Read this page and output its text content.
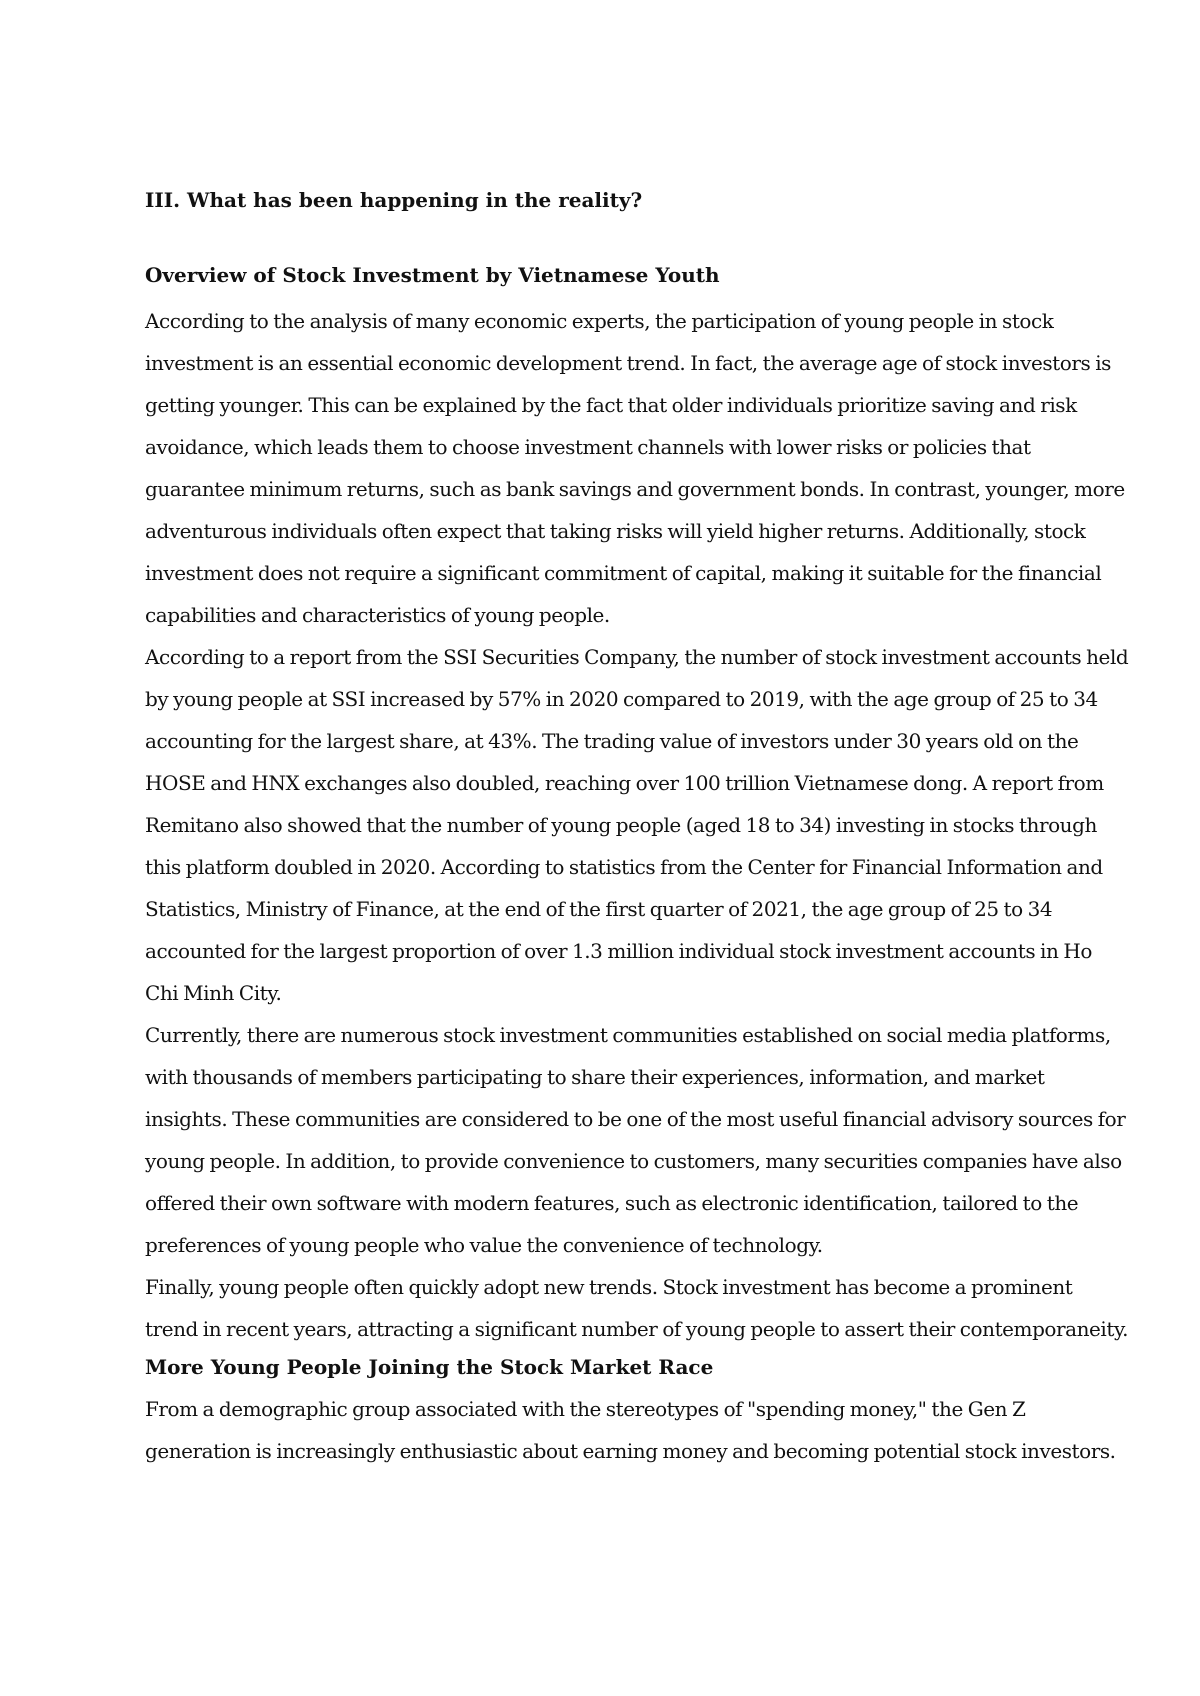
III. What has been happening in the reality?
Overview of Stock Investment by Vietnamese Youth

According to the analysis of many economic experts, the participation of young people in stock investment is an essential economic development trend. In fact, the average age of stock investors is getting younger. This can be explained by the fact that older individuals prioritize saving and risk avoidance, which leads them to choose investment channels with lower risks or policies that guarantee minimum returns, such as bank savings and government bonds. In contrast, younger, more adventurous individuals often expect that taking risks will yield higher returns. Additionally, stock investment does not require a significant commitment of capital, making it suitable for the financial capabilities and characteristics of young people.

According to a report from the SSI Securities Company, the number of stock investment accounts held by young people at SSI increased by 57% in 2020 compared to 2019, with the age group of 25 to 34 accounting for the largest share, at 43%. The trading value of investors under 30 years old on the HOSE and HNX exchanges also doubled, reaching over 100 trillion Vietnamese dong. A report from Remitano also showed that the number of young people (aged 18 to 34) investing in stocks through this platform doubled in 2020. According to statistics from the Center for Financial Information and Statistics, Ministry of Finance, at the end of the first quarter of 2021, the age group of 25 to 34 accounted for the largest proportion of over 1.3 million individual stock investment accounts in Ho Chi Minh City.

Currently, there are numerous stock investment communities established on social media platforms, with thousands of members participating to share their experiences, information, and market insights. These communities are considered to be one of the most useful financial advisory sources for young people. In addition, to provide convenience to customers, many securities companies have also offered their own software with modern features, such as electronic identification, tailored to the preferences of young people who value the convenience of technology.

Finally, young people often quickly adopt new trends. Stock investment has become a prominent trend in recent years, attracting a significant number of young people to assert their contemporaneity.

More Young People Joining the Stock Market Race

From a demographic group associated with the stereotypes of "spending money," the Gen Z generation is increasingly enthusiastic about earning money and becoming potential stock investors.
